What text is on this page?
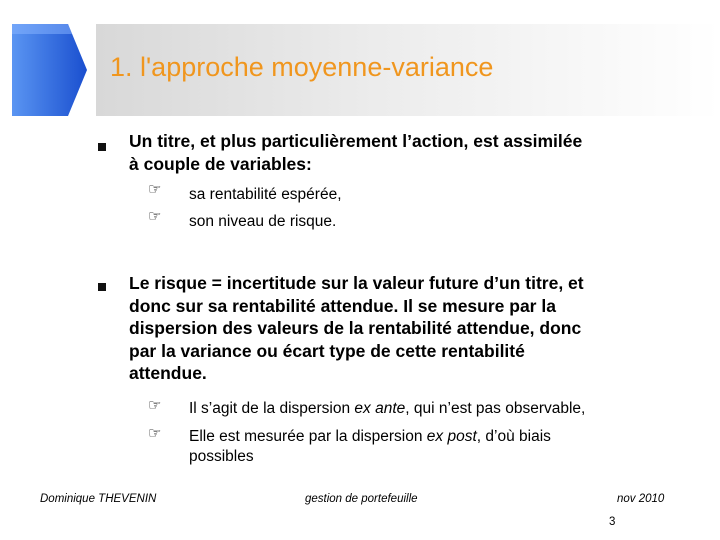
1. l'approche moyenne-variance

Un titre, et plus particulièrement l’action, est assimilée
à couple de variables:

☞ sa rentabilité espérée,

☞ son niveau de risque.

Le risque = incertitude sur la valeur future d’un titre, et
donc sur sa rentabilité attendue. Il se mesure par la
dispersion des valeurs de la rentabilité attendue, donc
par la variance ou écart type de cette rentabilité
attendue.

☞ Il s’agit de la dispersion ex ante, qui n’est pas observable,

☞ Elle est mesurée par la dispersion ex post, d’où biais
possibles

Dominique THEVENIN	gestion de portefeuille	nov 2010
3
